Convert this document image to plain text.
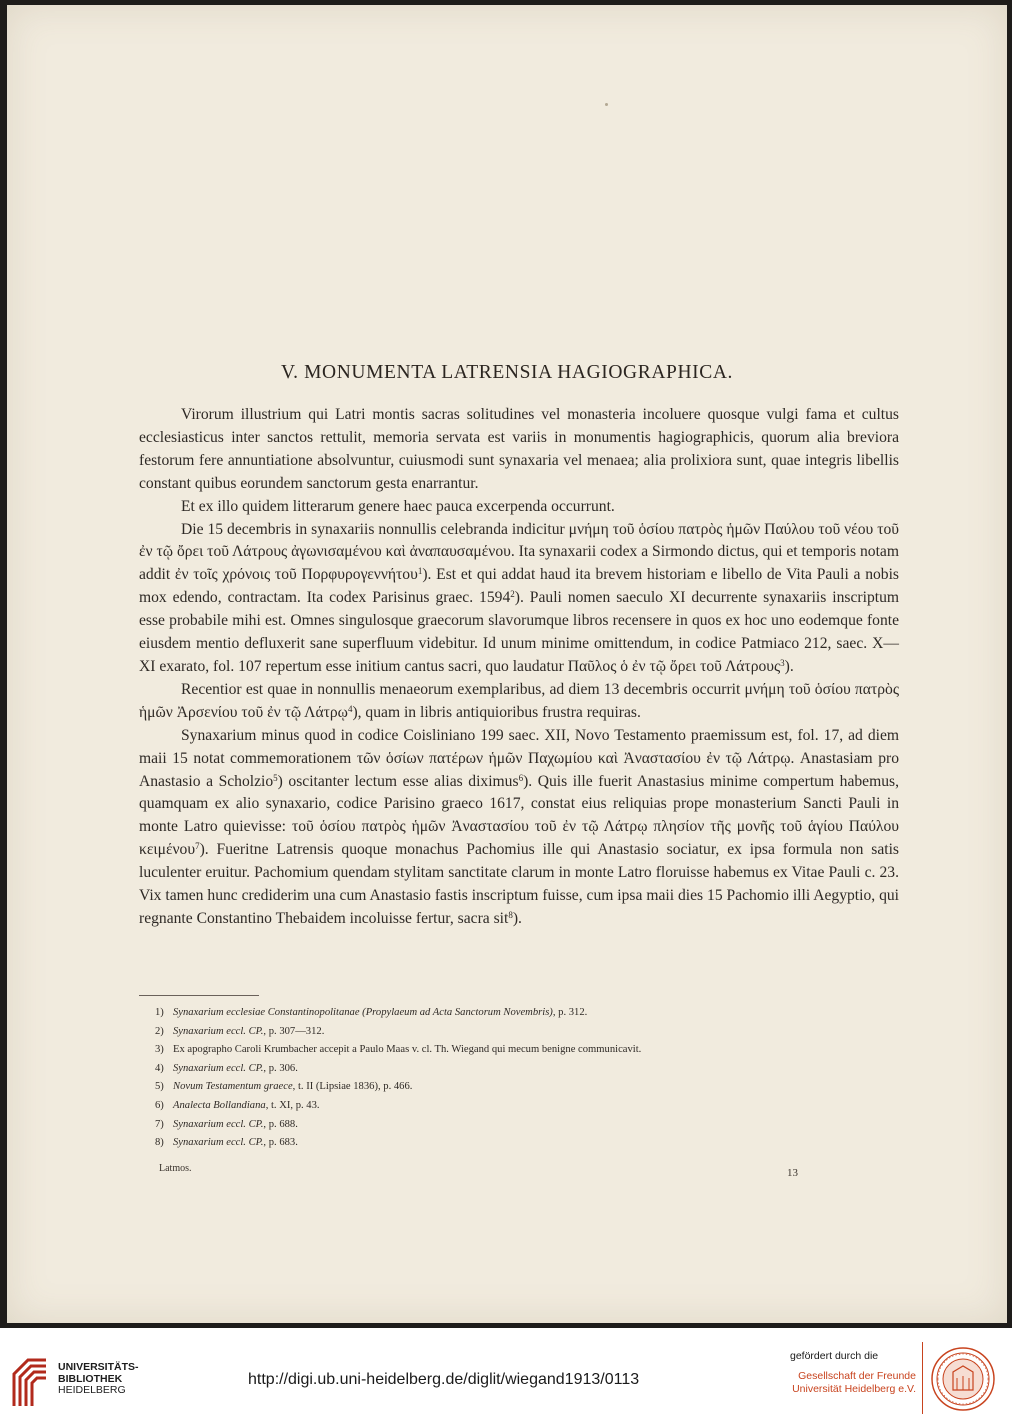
V. MONUMENTA LATRENSIA HAGIOGRAPHICA.

Virorum illustrium qui Latri montis sacras solitudines vel monasteria incoluere quosque vulgi fama et cultus ecclesiasticus inter sanctos rettulit, memoria servata est variis in monumentis hagiographicis, quorum alia breviora festorum fere annuntiatione absolvuntur, cuiusmodi sunt synaxaria vel menaea; alia prolixiora sunt, quae integris libellis constant quibus eorundem sanctorum gesta enarrantur.

Et ex illo quidem litterarum genere haec pauca excerpenda occurrunt.

Die 15 decembris in synaxariis nonnullis celebranda indicitur μνήμη τοῦ ὁσίου πατρὸς ἡμῶν Παύλου τοῦ νέου τοῦ ἐν τῷ ὄρει τοῦ Λάτρους ἀγωνισαμένου καὶ ἀναπαυσαμένου. Ita synaxarii codex a Sirmondo dictus, qui et temporis notam addit ἐν τοῖς χρόνοις τοῦ Πορφυρογεννήτου$^1$). Est et qui addat haud ita brevem historiam e libello de Vita Pauli a nobis mox edendo, contractam. Ita codex Parisinus graec. 1594$^2$). Pauli nomen saeculo XI decurrente synaxariis inscriptum esse probabile mihi est. Omnes singulosque graecorum slavorumque libros recensere in quos ex hoc uno eodemque fonte eiusdem mentio defluxerit sane superfluum videbitur. Id unum minime omittendum, in codice Patmiaco 212, saec. X—XI exarato, fol. 107 repertum esse initium cantus sacri, quo laudatur Παῦλος ὁ ἐν τῷ ὄρει τοῦ Λάτρους$^3$).

Recentior est quae in nonnullis menaeorum exemplaribus, ad diem 13 decembris occurrit μνήμη τοῦ ὁσίου πατρὸς ἡμῶν Ἀρσενίου τοῦ ἐν τῷ Λάτρῳ$^4$), quam in libris antiquioribus frustra requiras.

Synaxarium minus quod in codice Coisliniano 199 saec. XII, Novo Testamento praemissum est, fol. 17, ad diem maii 15 notat commemorationem τῶν ὁσίων πατέρων ἡμῶν Παχωμίου καὶ Ἀναστασίου ἐν τῷ Λάτρῳ. Anastasiam pro Anastasio a Scholzio$^5$) oscitanter lectum esse alias diximus$^6$). Quis ille fuerit Anastasius minime compertum habemus, quamquam ex alio synaxario, codice Parisino graeco 1617, constat eius reliquias prope monasterium Sancti Pauli in monte Latro quievisse: τοῦ ὁσίου πατρὸς ἡμῶν Ἀναστασίου τοῦ ἐν τῷ Λάτρῳ πλησίον τῆς μονῆς τοῦ ἁγίου Παύλου κειμένου$^7$). Fueritne Latrensis quoque monachus Pachomius ille qui Anastasio sociatur, ex ipsa formula non satis luculenter eruitur. Pachomium quendam stylitam sanctitate clarum in monte Latro floruisse habemus ex Vitae Pauli c. 23. Vix tamen hunc crediderim una cum Anastasio fastis inscriptum fuisse, cum ipsa maii dies 15 Pachomio illi Aegyptio, qui regnante Constantino Thebaidem incoluisse fertur, sacra sit$^8$).

1) Synaxarium ecclesiae Constantinopolitanae (Propylaeum ad Acta Sanctorum Novembris), p. 312.
2) Synaxarium eccl. CP., p. 307—312.
3) Ex apographo Caroli Krumbacher accepit a Paulo Maas v. cl. Th. Wiegand qui mecum benigne communicavit.
4) Synaxarium eccl. CP., p. 306.
5) Novum Testamentum graece, t. II (Lipsiae 1836), p. 466.
6) Analecta Bollandiana, t. XI, p. 43.
7) Synaxarium eccl. CP., p. 688.
8) Synaxarium eccl. CP., p. 683.
Latmos.	13
UNIVERSITÄTS-
BIBLIOTHEK
HEIDELBERG
http://digi.ub.uni-heidelberg.de/diglit/wiegand1913/0113
gefördert durch die
Gesellschaft der Freunde
Universität Heidelberg e.V.
